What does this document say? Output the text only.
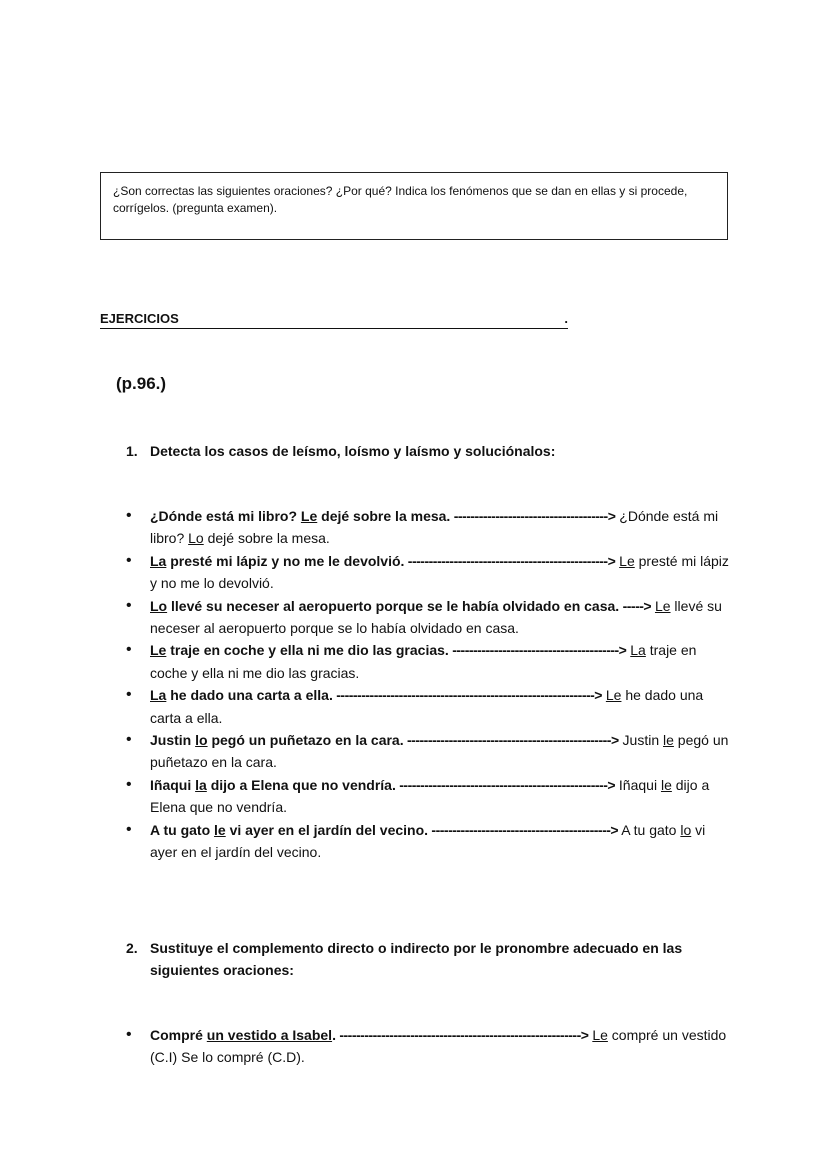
¿Son correctas las siguientes oraciones? ¿Por qué? Indica los fenómenos que se dan en ellas y si procede, corrígelos. (pregunta examen).
EJERCICIOS	.
(p.96.)
1. Detecta los casos de leísmo, loísmo y laísmo y soluciónalos:
• ¿Dónde está mi libro? Le dejé sobre la mesa. -------------------------------------> ¿Dónde está mi libro? Lo dejé sobre la mesa.
• La presté mi lápiz y no me le devolvió. ------------------------------------------------> Le presté mi lápiz y no me lo devolvió.
• Lo llevé su neceser al aeropuerto porque se le había olvidado en casa. -----> Le llevé su neceser al aeropuerto porque se lo había olvidado en casa.
• Le traje en coche y ella ni me dio las gracias. ----------------------------------------> La traje en coche y ella ni me dio las gracias.
• La he dado una carta a ella. --------------------------------------------------------------> Le he dado una carta a ella.
• Justin lo pegó un puñetazo en la cara. -------------------------------------------------> Justin le pegó un puñetazo en la cara.
• Iñaqui la dijo a Elena que no vendría. --------------------------------------------------> Iñaqui le dijo a Elena que no vendría.
• A tu gato le vi ayer en el jardín del vecino. -------------------------------------------> A tu gato lo vi ayer en el jardín del vecino.
2. Sustituye el complemento directo o indirecto por le pronombre adecuado en las siguientes oraciones:
• Compré un vestido a Isabel. ----------------------------------------------------------> Le compré un vestido (C.I) Se lo compré (C.D).
